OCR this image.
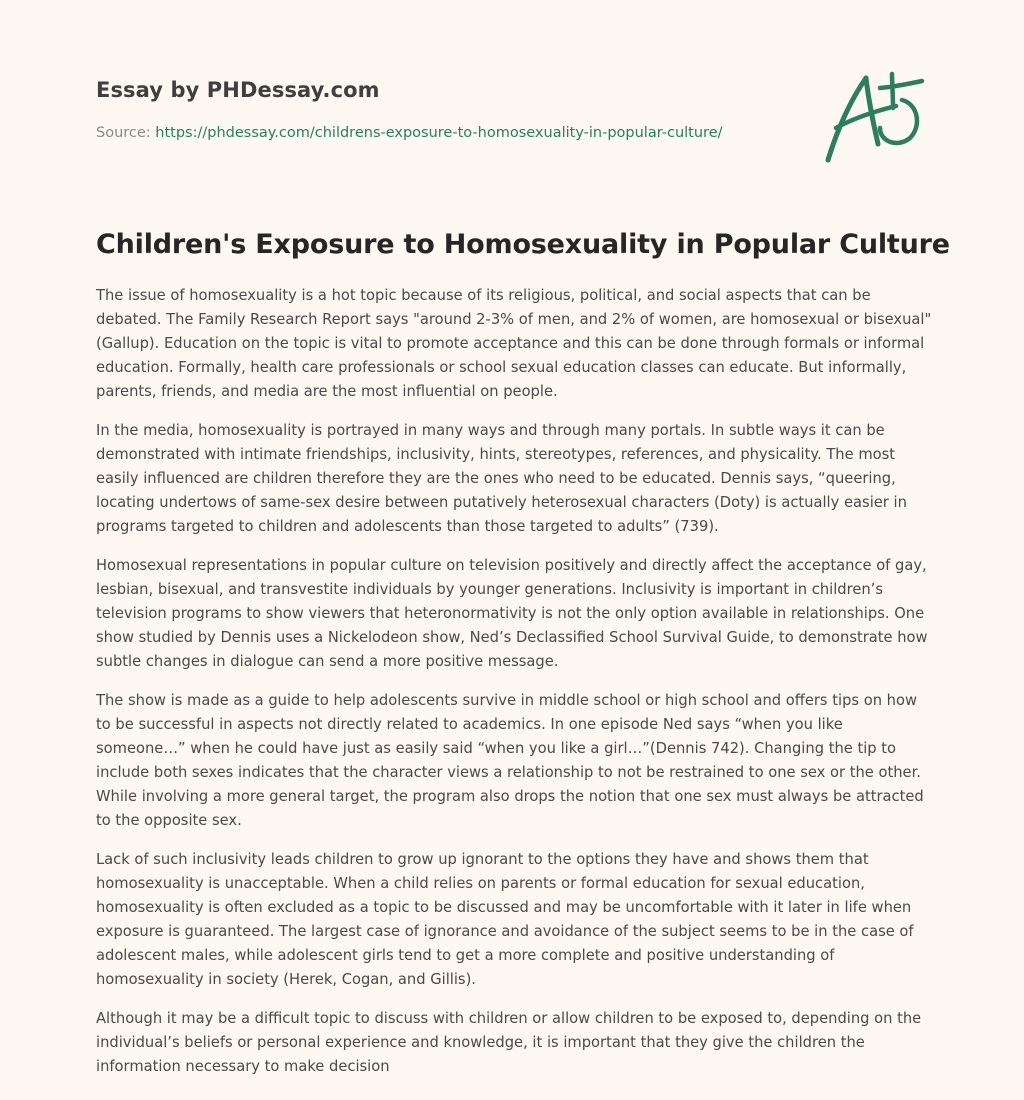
Essay by PHDessay.com
Source: https://phdessay.com/childrens-exposure-to-homosexuality-in-popular-culture/
Children's Exposure to Homosexuality in Popular Culture

The issue of homosexuality is a hot topic because of its religious, political, and social aspects that can be debated. The Family Research Report says "around 2-3% of men, and 2% of women, are homosexual or bisexual" (Gallup). Education on the topic is vital to promote acceptance and this can be done through formals or informal education. Formally, health care professionals or school sexual education classes can educate. But informally, parents, friends, and media are the most influential on people.

In the media, homosexuality is portrayed in many ways and through many portals. In subtle ways it can be demonstrated with intimate friendships, inclusivity, hints, stereotypes, references, and physicality. The most easily influenced are children therefore they are the ones who need to be educated. Dennis says, “queering, locating undertows of same-sex desire between putatively heterosexual characters (Doty) is actually easier in programs targeted to children and adolescents than those targeted to adults” (739).

Homosexual representations in popular culture on television positively and directly affect the acceptance of gay, lesbian, bisexual, and transvestite individuals by younger generations. Inclusivity is important in children’s television programs to show viewers that heteronormativity is not the only option available in relationships. One show studied by Dennis uses a Nickelodeon show, Ned’s Declassified School Survival Guide, to demonstrate how subtle changes in dialogue can send a more positive message.

The show is made as a guide to help adolescents survive in middle school or high school and offers tips on how to be successful in aspects not directly related to academics. In one episode Ned says “when you like someone…” when he could have just as easily said “when you like a girl…”(Dennis 742). Changing the tip to include both sexes indicates that the character views a relationship to not be restrained to one sex or the other. While involving a more general target, the program also drops the notion that one sex must always be attracted to the opposite sex.

Lack of such inclusivity leads children to grow up ignorant to the options they have and shows them that homosexuality is unacceptable. When a child relies on parents or formal education for sexual education, homosexuality is often excluded as a topic to be discussed and may be uncomfortable with it later in life when exposure is guaranteed. The largest case of ignorance and avoidance of the subject seems to be in the case of adolescent males, while adolescent girls tend to get a more complete and positive understanding of homosexuality in society (Herek, Cogan, and Gillis).

Although it may be a difficult topic to discuss with children or allow children to be exposed to, depending on the individual’s beliefs or personal experience and knowledge, it is important that they give the children the information necessary to make decision
